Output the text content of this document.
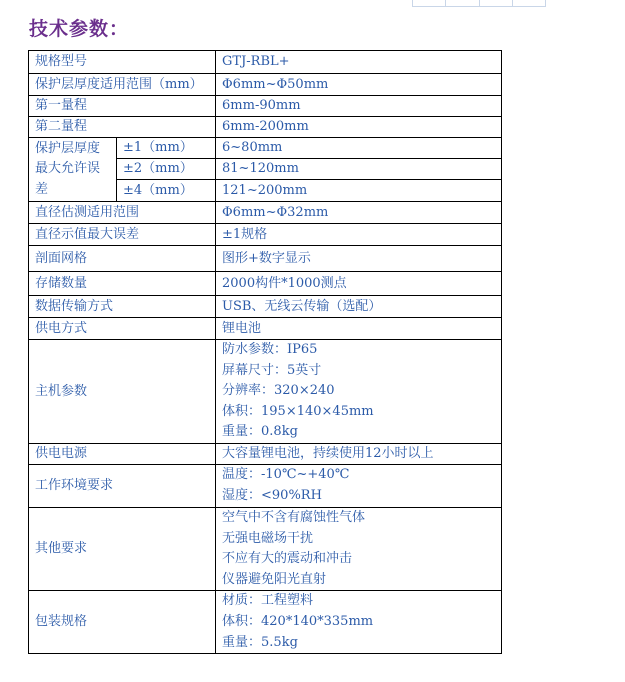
技术参数：
规格型号		GTJ-RBL+
保护层厚度适用范围（mm）		Φ6mm~Φ50mm
第一量程		6mm-90mm
第二量程		6mm-200mm

保护层厚度
最大允许误
差	±1（mm）	6~80mm
	±2（mm）	81~120mm
	±4（mm）	121~200mm
直径估测适用范围		Φ6mm~Φ32mm
直径示值最大误差		±1规格
剖面网格		图形+数字显示
存储数量		2000构件*1000测点
数据传输方式		USB、无线云传输（选配）
供电方式		锂电池
主机参数		防水参数：IP65
屏幕尺寸：5英寸
分辨率：320×240
体积：195×140×45mm
重量：0.8kg

供电电源		大容量锂电池，持续使用12小时以上
工作环境要求		温度：-10℃~+40℃
湿度：<90%RH

其他要求		空气中不含有腐蚀性气体
无强电磁场干扰
不应有大的震动和冲击
仪器避免阳光直射

包装规格		材质：工程塑料
体积：420*140*335mm
重量：5.5kg
